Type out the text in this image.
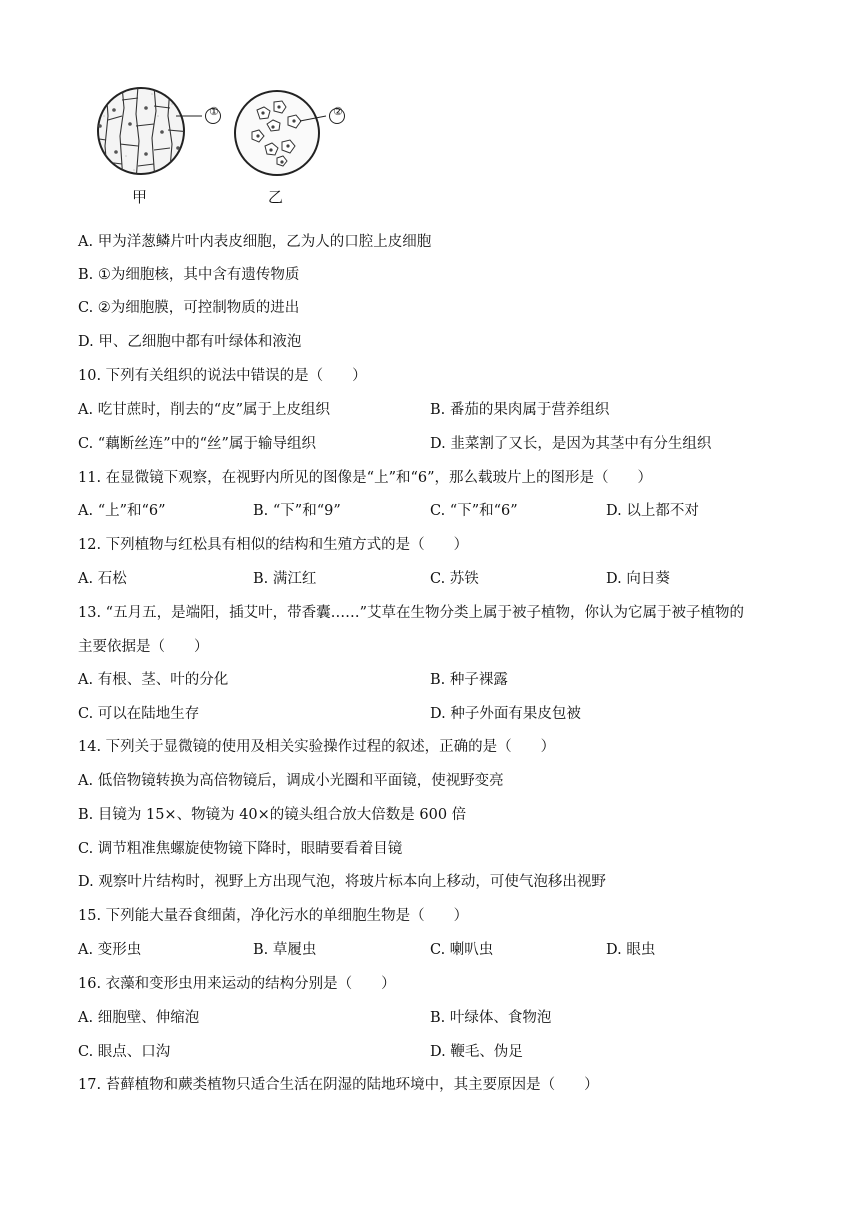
①	②
甲	乙
A. 甲为洋葱鳞片叶内表皮细胞，乙为人的口腔上皮细胞
B. ①为细胞核，其中含有遗传物质
C. ②为细胞膜，可控制物质的进出
D. 甲、乙细胞中都有叶绿体和液泡
10. 下列有关组织的说法中错误的是（　　）
A. 吃甘蔗时，削去的“皮”属于上皮组织	B. 番茄的果肉属于营养组织
C. “藕断丝连”中的“丝”属于输导组织	D. 韭菜割了又长，是因为其茎中有分生组织
11. 在显微镜下观察，在视野内所见的图像是“上”和“6”，那么载玻片上的图形是（　　）
A. “上”和“6”	B. “下”和“9”	C. “下”和“6”	D. 以上都不对
12. 下列植物与红松具有相似的结构和生殖方式的是（　　）
A. 石松	B. 满江红	C. 苏铁	D. 向日葵
13. “五月五，是端阳，插艾叶，带香囊……”艾草在生物分类上属于被子植物，你认为它属于被子植物的
主要依据是（　　）
A. 有根、茎、叶的分化	B. 种子裸露
C. 可以在陆地生存	D. 种子外面有果皮包被
14. 下列关于显微镜的使用及相关实验操作过程的叙述，正确的是（　　）
A. 低倍物镜转换为高倍物镜后，调成小光圈和平面镜，使视野变亮
B. 目镜为 15×、物镜为 40×的镜头组合放大倍数是 600 倍
C. 调节粗准焦螺旋使物镜下降时，眼睛要看着目镜
D. 观察叶片结构时，视野上方出现气泡，将玻片标本向上移动，可使气泡移出视野
15. 下列能大量吞食细菌，净化污水的单细胞生物是（　　）
A. 变形虫	B. 草履虫	C. 喇叭虫	D. 眼虫
16. 衣藻和变形虫用来运动的结构分别是（　　）
A. 细胞壁、伸缩泡	B. 叶绿体、食物泡
C. 眼点、口沟	D. 鞭毛、伪足
17. 苔藓植物和蕨类植物只适合生活在阴湿的陆地环境中，其主要原因是（　　）
